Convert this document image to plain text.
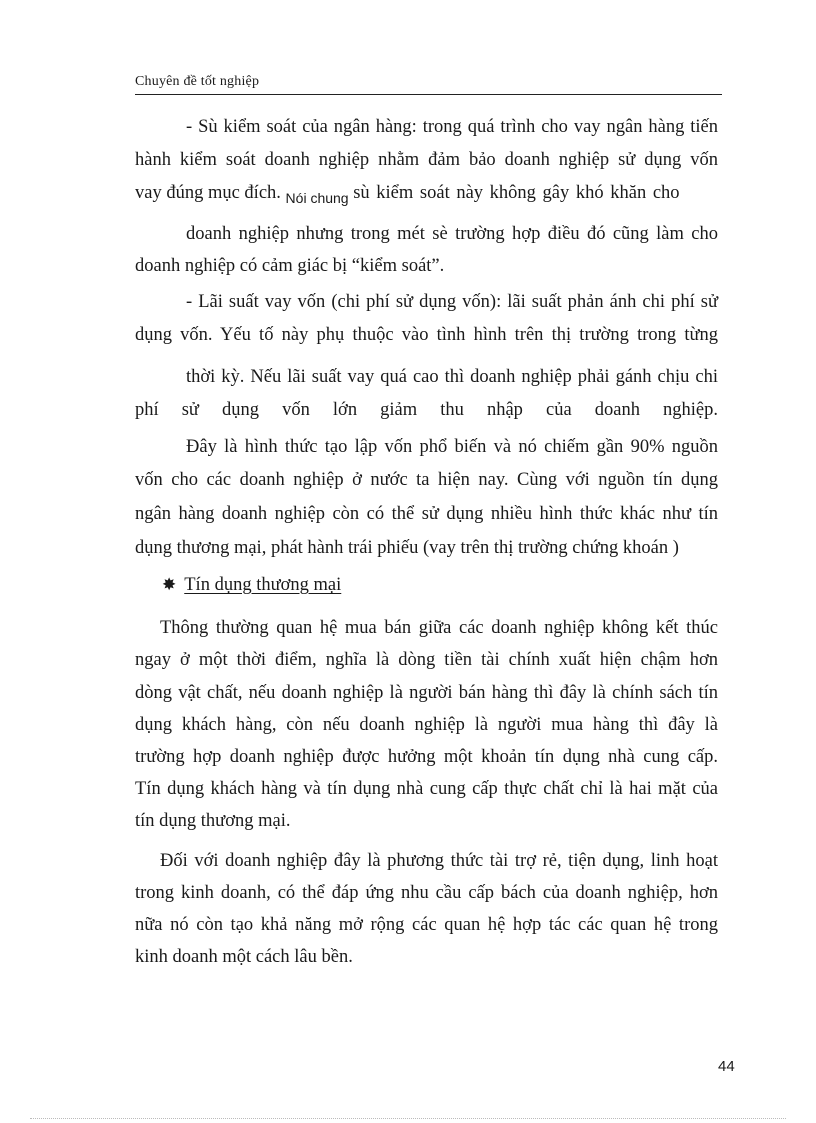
Chuyên đề tốt nghiệp
- Sù kiểm soát của ngân hàng: trong quá trình cho vay ngân hàng tiến
hành kiểm soát doanh nghiệp nhằm đảm bảo doanh nghiệp sử dụng vốn
vay đúng mục đích. $_{Nói chung}$ sù kiểm soát này không gây khó khăn cho
doanh nghiệp nhưng trong mét sè trường hợp điều đó cũng làm cho
doanh nghiệp có cảm giác bị “kiểm soát”.
- Lãi suất vay vốn (chi phí sử dụng vốn): lãi suất phản ánh chi phí sử
dụng vốn. Yếu tố này phụ thuộc vào tình hình trên thị trường trong từng
thời kỳ. Nếu lãi suất vay quá cao thì doanh nghiệp phải gánh chịu chi
phí sử dụng vốn lớn giảm thu nhập của doanh nghiệp.
Đây là hình thức tạo lập vốn phổ biến và nó chiếm gần 90% nguồn
vốn cho các doanh nghiệp ở nước ta hiện nay. Cùng với nguồn tín dụng
ngân hàng doanh nghiệp còn có thể sử dụng nhiều hình thức khác như tín
dụng thương mại, phát hành trái phiếu (vay trên thị trường chứng khoán )
✸ Tín dụng thương mại
Thông thường quan hệ mua bán giữa các doanh nghiệp không kết thúc
ngay ở một thời điểm, nghĩa là dòng tiền tài chính xuất hiện chậm hơn
dòng vật chất, nếu doanh nghiệp là người bán hàng thì đây là chính sách tín
dụng khách hàng, còn nếu doanh nghiệp là người mua hàng thì đây là
trường hợp doanh nghiệp được hưởng một khoản tín dụng nhà cung cấp.
Tín dụng khách hàng và tín dụng nhà cung cấp thực chất chỉ là hai mặt của
tín dụng thương mại.
Đối với doanh nghiệp đây là phương thức tài trợ rẻ, tiện dụng, linh hoạt
trong kinh doanh, có thể đáp ứng nhu cầu cấp bách của doanh nghiệp, hơn
nữa nó còn tạo khả năng mở rộng các quan hệ hợp tác các quan hệ trong
kinh doanh một cách lâu bền.
44
